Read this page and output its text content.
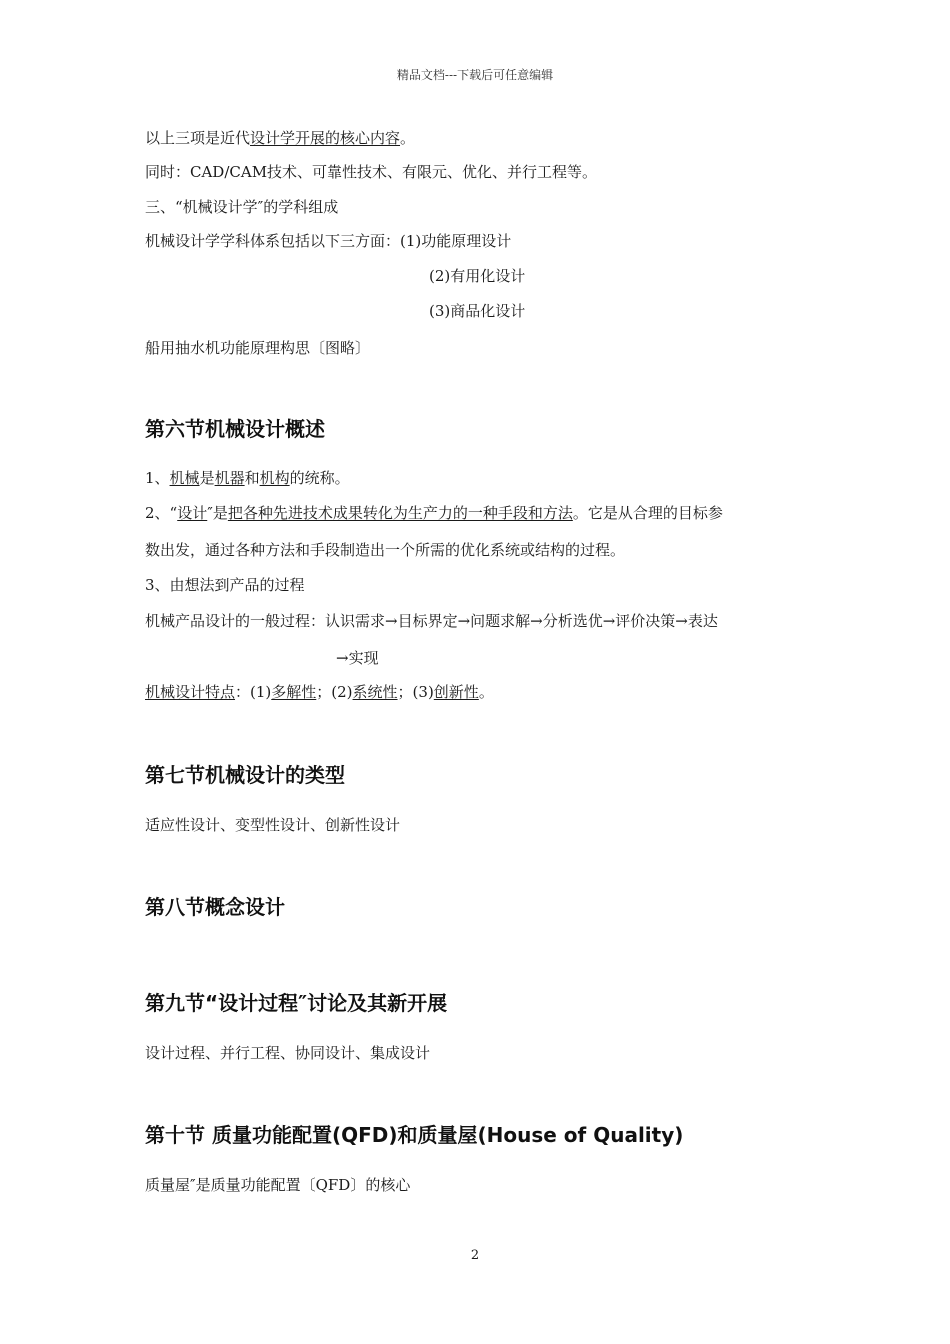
精品文档---下载后可任意编辑
以上三项是近代设计学开展的核心内容。
同时：CAD/CAM技术、可靠性技术、有限元、优化、并行工程等。
三、“机械设计学″的学科组成
机械设计学学科体系包括以下三方面：(1)功能原理设计
(2)有用化设计
(3)商品化设计
船用抽水机功能原理构思〔图略〕
第六节机械设计概述
1、机械是机器和机构的统称。
2、“设计″是把各种先进技术成果转化为生产力的一种手段和方法。它是从合理的目标参
数出发，通过各种方法和手段制造出一个所需的优化系统或结构的过程。
3、由想法到产品的过程
机械产品设计的一般过程：认识需求→目标界定→问题求解→分析选优→评价决策→表达
→实现
机械设计特点：(1)多解性；(2)系统性；(3)创新性。
第七节机械设计的类型
适应性设计、变型性设计、创新性设计
第八节概念设计
第九节“设计过程″讨论及其新开展
设计过程、并行工程、协同设计、集成设计
第十节 质量功能配置(QFD)和质量屋(House of Quality)
质量屋″是质量功能配置〔QFD〕的核心
2
